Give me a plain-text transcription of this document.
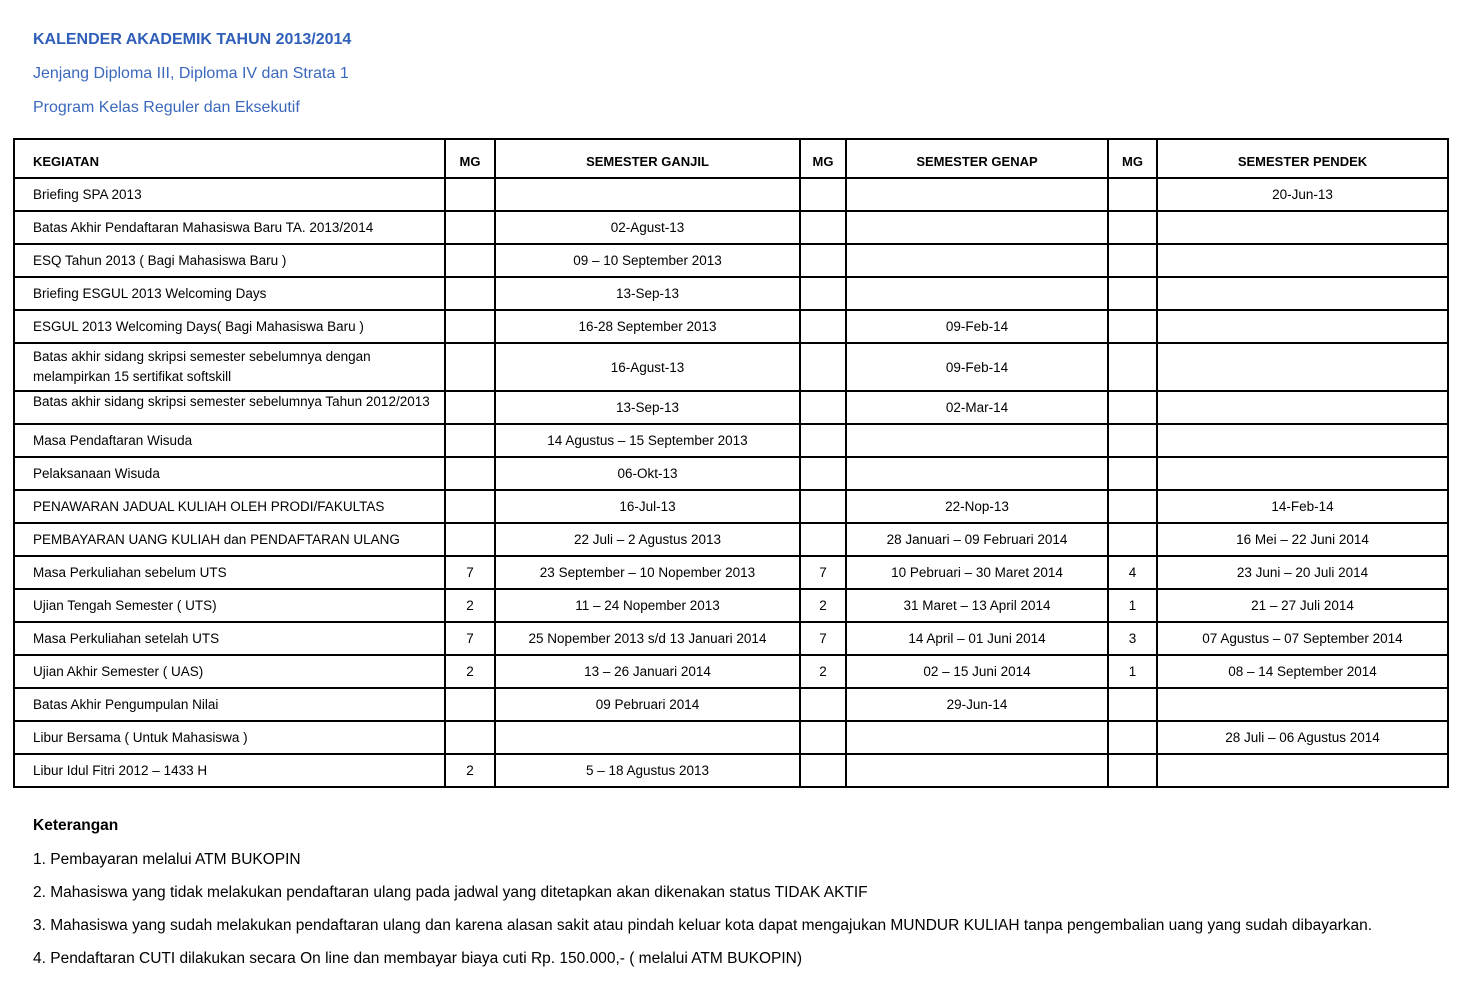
KALENDER AKADEMIK TAHUN 2013/2014
Jenjang Diploma III, Diploma IV dan Strata 1
Program Kelas Reguler dan Eksekutif
KEGIATAN	MG	SEMESTER GANJIL	MG	SEMESTER GENAP	MG	SEMESTER PENDEK
Briefing SPA 2013						20-Jun-13
Batas Akhir Pendaftaran Mahasiswa Baru TA. 2013/2014		02-Agust-13				
ESQ Tahun 2013 ( Bagi Mahasiswa Baru )		09 – 10 September 2013				
Briefing ESGUL 2013 Welcoming Days		13-Sep-13				
ESGUL 2013 Welcoming Days( Bagi Mahasiswa Baru )		16-28 September 2013		09-Feb-14		
Batas akhir sidang skripsi semester sebelumnya dengan melampirkan 15 sertifikat softskill		16-Agust-13		09-Feb-14		

Batas akhir sidang skripsi semester sebelumnya Tahun 2012/2013		13-Sep-13		02-Mar-14		
Masa Pendaftaran Wisuda		14 Agustus – 15 September 2013				
Pelaksanaan Wisuda		06-Okt-13				
PENAWARAN JADUAL KULIAH OLEH PRODI/FAKULTAS		16-Jul-13		22-Nop-13		14-Feb-14
PEMBAYARAN UANG KULIAH dan PENDAFTARAN ULANG		22 Juli – 2 Agustus 2013		28 Januari – 09 Februari 2014		16 Mei – 22 Juni 2014
Masa Perkuliahan sebelum UTS	7	23 September – 10 Nopember 2013	7	10 Pebruari – 30 Maret 2014	4	23 Juni – 20 Juli 2014
Ujian Tengah Semester ( UTS)	2	11 – 24 Nopember 2013	2	31 Maret – 13 April 2014	1	21 – 27 Juli 2014
Masa Perkuliahan setelah UTS	7	25 Nopember 2013 s/d 13 Januari 2014	7	14 April – 01 Juni 2014	3	07 Agustus – 07 September 2014
Ujian Akhir Semester ( UAS)	2	13 – 26 Januari 2014	2	02 – 15 Juni 2014	1	08 – 14 September 2014
Batas Akhir Pengumpulan Nilai		09 Pebruari 2014		29-Jun-14		
Libur Bersama ( Untuk Mahasiswa )						28 Juli – 06 Agustus 2014
Libur Idul Fitri 2012 – 1433 H	2	5 – 18 Agustus 2013				
Keterangan
1. Pembayaran melalui ATM BUKOPIN
2. Mahasiswa yang tidak melakukan pendaftaran ulang pada jadwal yang ditetapkan akan dikenakan status TIDAK AKTIF
3. Mahasiswa yang sudah melakukan pendaftaran ulang dan karena alasan sakit atau pindah keluar kota dapat mengajukan MUNDUR KULIAH tanpa pengembalian uang yang sudah dibayarkan.
4. Pendaftaran CUTI dilakukan secara On line dan membayar biaya cuti Rp. 150.000,- ( melalui ATM BUKOPIN)
